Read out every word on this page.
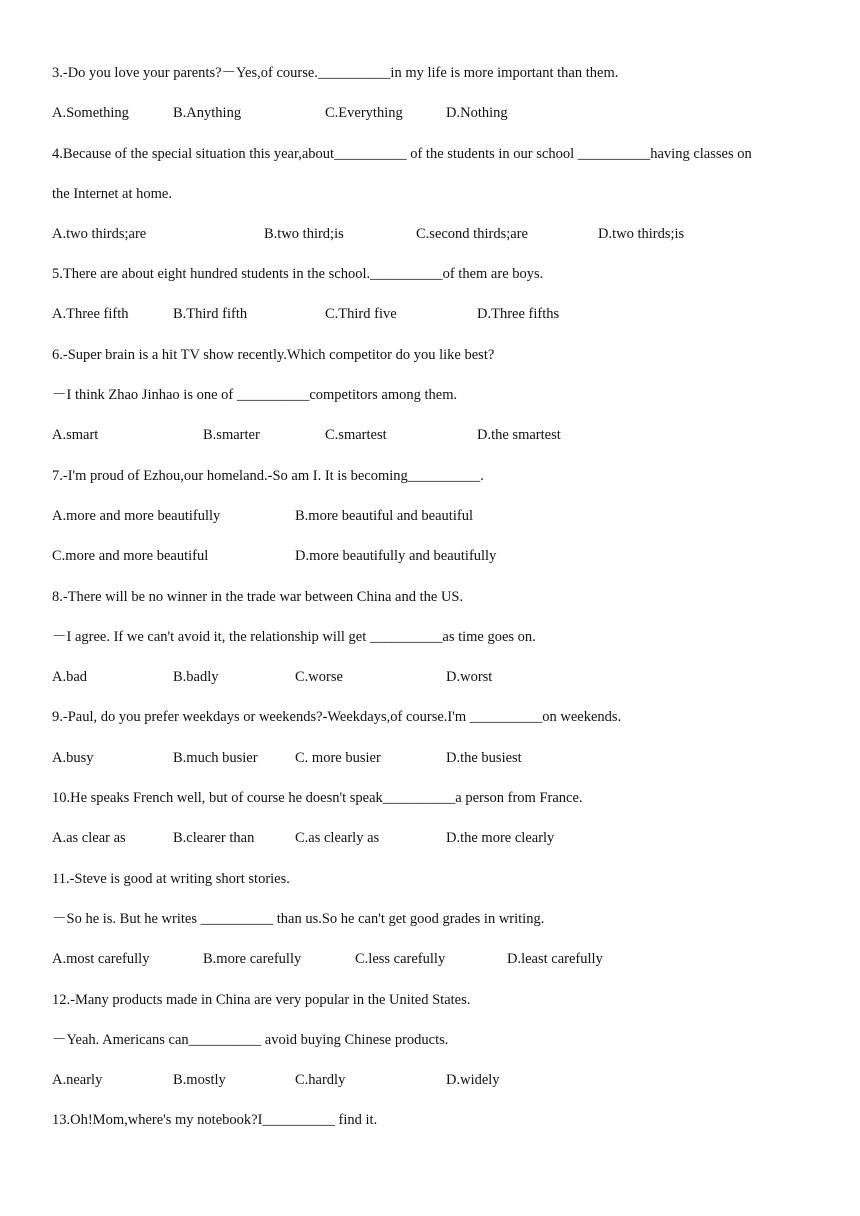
3.-Do you love your parents?－Yes,of course.__________in my life is more important than them.
A.Something	B.Anything	C.Everything	D.Nothing
4.Because of the special situation this year,about__________ of the students in our school __________having classes on
the Internet at home.
A.two thirds;are	B.two third;is	C.second thirds;are	D.two thirds;is
5.There are about eight hundred students in the school.__________of them are boys.
A.Three fifth	B.Third fifth	C.Third five	D.Three fifths
6.-Super brain is a hit TV show recently.Which competitor do you like best?
－I think Zhao Jinhao is one of __________competitors among them.
A.smart	B.smarter	C.smartest	D.the smartest
7.-I'm proud of Ezhou,our homeland.-So am I. It is becoming__________.
A.more and more beautifully	B.more beautiful and beautiful
C.more and more beautiful	D.more beautifully and beautifully
8.-There will be no winner in the trade war between China and the US.
－I agree. If we can't avoid it, the relationship will get __________as time goes on.
A.bad	B.badly	C.worse	D.worst
9.-Paul, do you prefer weekdays or weekends?-Weekdays,of course.I'm __________on weekends.
A.busy	B.much busier	C. more busier	D.the busiest
10.He speaks French well, but of course he doesn't speak__________a person from France.
A.as clear as	B.clearer than	C.as clearly as	D.the more clearly
11.-Steve is good at writing short stories.
－So he is. But he writes __________ than us.So he can't get good grades in writing.
A.most carefully	B.more carefully	C.less carefully	D.least carefully
12.-Many products made in China are very popular in the United States.
－Yeah. Americans can__________ avoid buying Chinese products.
A.nearly	B.mostly	C.hardly	D.widely
13.Oh!Mom,where's my notebook?I__________ find it.
